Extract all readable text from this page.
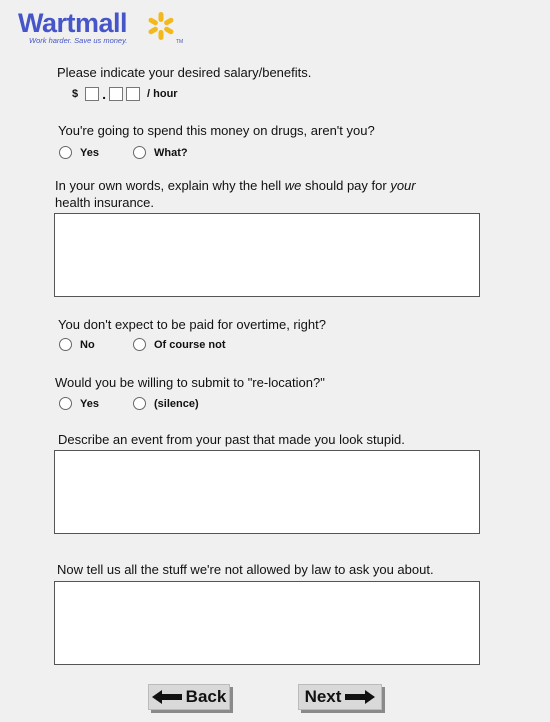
Wartmall
Work harder. Save us money.	TM
Please indicate your desired salary/benefits.
$ .	/ hour
You're going to spend this money on drugs, aren't you?
Yes	What?
In your own words, explain why the hell we should pay for your
health insurance.
You don't expect to be paid for overtime, right?
No	Of course not
Would you be willing to submit to "re-location?"
Yes	(silence)
Describe an event from your past that made you look stupid.
Now tell us all the stuff we're not allowed by law to ask you about.
Back	Next
